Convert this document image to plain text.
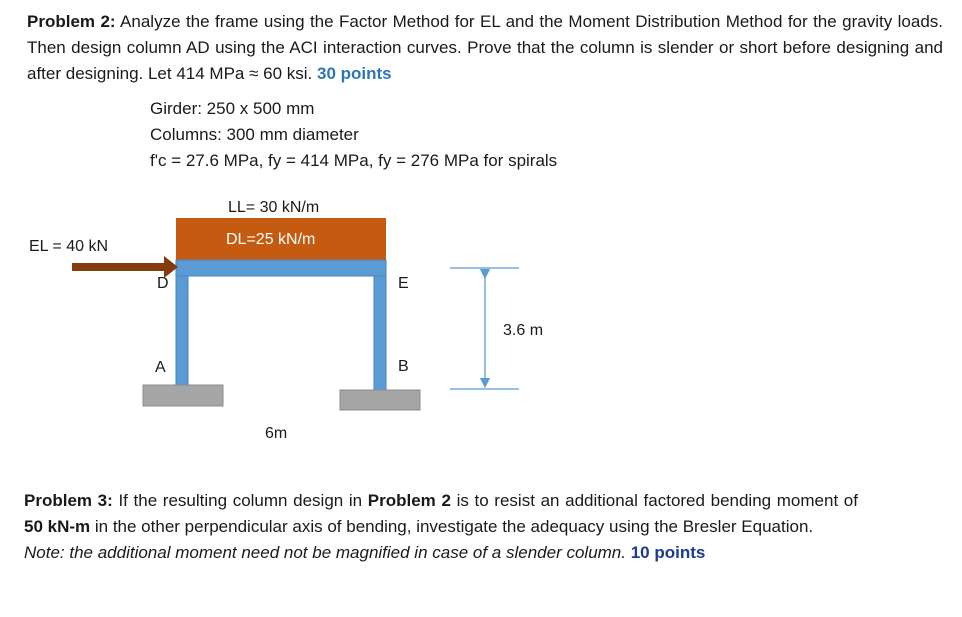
Problem 2: Analyze the frame using the Factor Method for EL and the Moment Distribution Method for the gravity loads. Then design column AD using the ACI interaction curves. Prove that the column is slender or short before designing and after designing. Let 414 MPa ≈ 60 ksi. 30 points
Girder: 250 x 500 mm
Columns: 300 mm diameter
f'c = 27.6 MPa, fy = 414 MPa, fy = 276 MPa for spirals
LL= 30 kN/m
DL=25 kN/m
EL = 40 kN
D
A
E
B
3.6 m
6m
Problem 3: If the resulting column design in Problem 2 is to resist an additional factored bending moment of 50 kN-m in the other perpendicular axis of bending, investigate the adequacy using the Bresler Equation.
Note: the additional moment need not be magnified in case of a slender column. 10 points
